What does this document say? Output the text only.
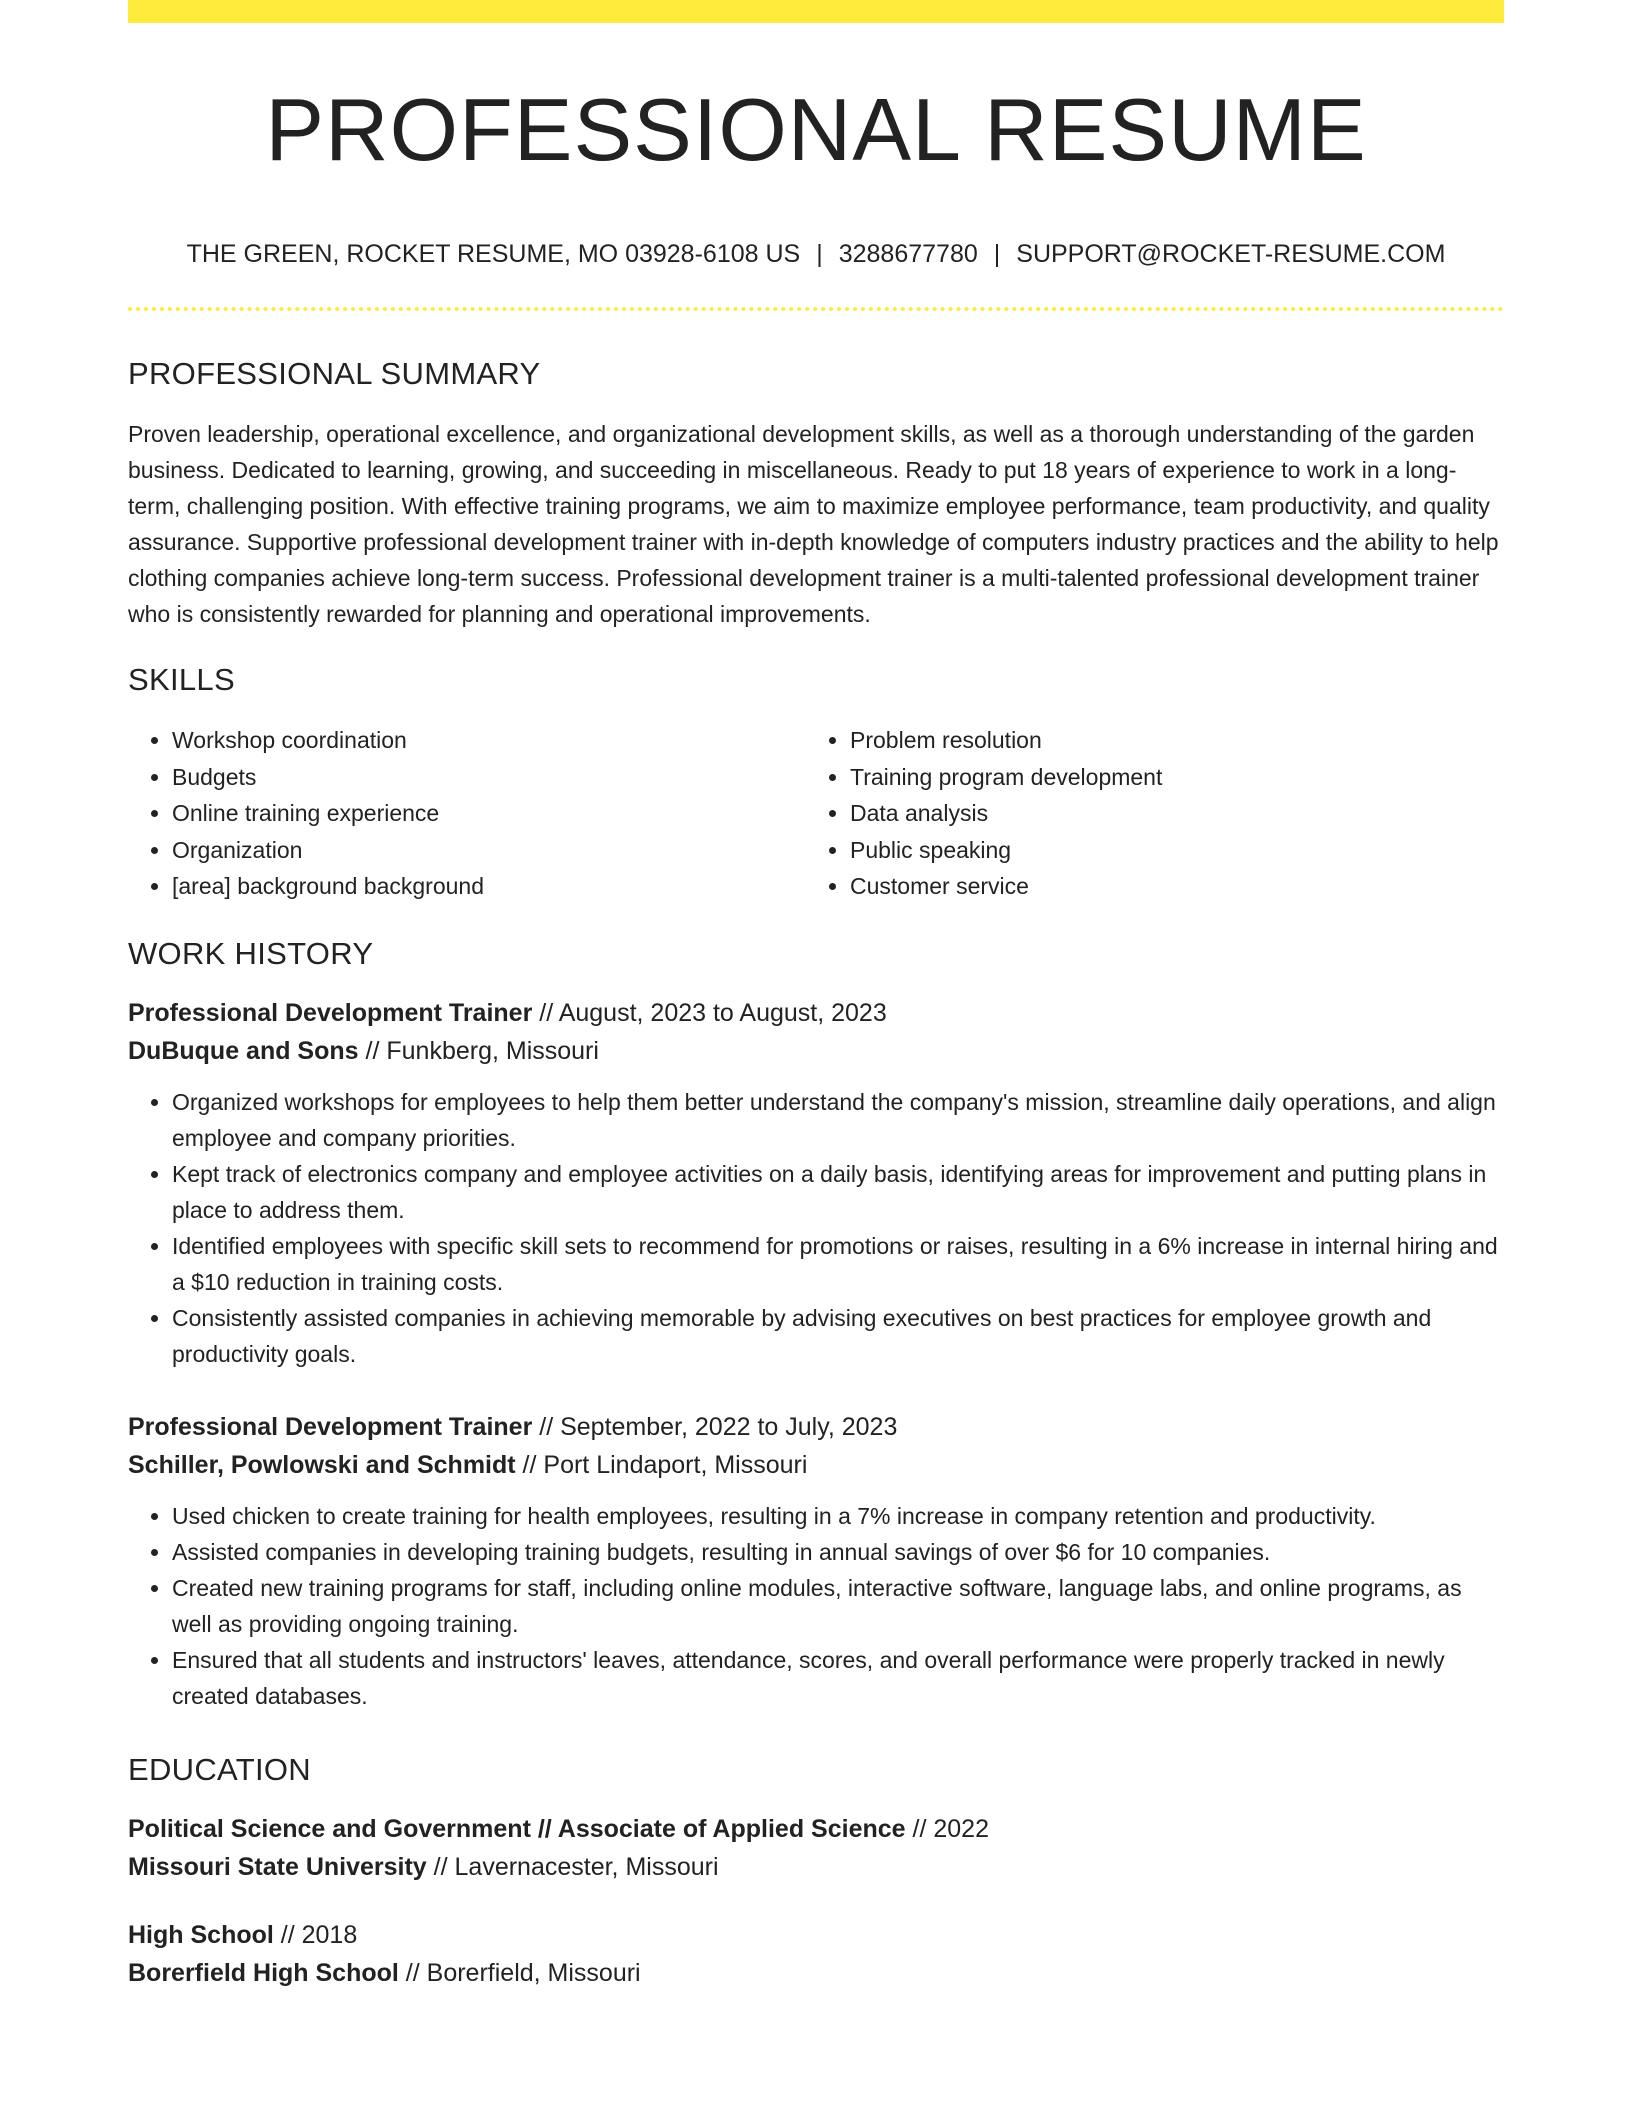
PROFESSIONAL RESUME
THE GREEN, ROCKET RESUME, MO 03928-6108 US | 3288677780 | SUPPORT@ROCKET-RESUME.COM
PROFESSIONAL SUMMARY
Proven leadership, operational excellence, and organizational development skills, as well as a thorough understanding of the garden business. Dedicated to learning, growing, and succeeding in miscellaneous. Ready to put 18 years of experience to work in a long-term, challenging position. With effective training programs, we aim to maximize employee performance, team productivity, and quality assurance. Supportive professional development trainer with in-depth knowledge of computers industry practices and the ability to help clothing companies achieve long-term success. Professional development trainer is a multi-talented professional development trainer who is consistently rewarded for planning and operational improvements.
SKILLS
• Workshop coordination
• Budgets
• Online training experience
• Organization
• [area] background background
• Problem resolution
• Training program development
• Data analysis
• Public speaking
• Customer service
WORK HISTORY
Professional Development Trainer // August, 2023 to August, 2023
DuBuque and Sons // Funkberg, Missouri
• Organized workshops for employees to help them better understand the company's mission, streamline daily operations, and align employee and company priorities.
• Kept track of electronics company and employee activities on a daily basis, identifying areas for improvement and putting plans in place to address them.
• Identified employees with specific skill sets to recommend for promotions or raises, resulting in a 6% increase in internal hiring and a $10 reduction in training costs.
• Consistently assisted companies in achieving memorable by advising executives on best practices for employee growth and productivity goals.
Professional Development Trainer // September, 2022 to July, 2023
Schiller, Powlowski and Schmidt // Port Lindaport, Missouri
• Used chicken to create training for health employees, resulting in a 7% increase in company retention and productivity.
• Assisted companies in developing training budgets, resulting in annual savings of over $6 for 10 companies.
• Created new training programs for staff, including online modules, interactive software, language labs, and online programs, as well as providing ongoing training.
• Ensured that all students and instructors' leaves, attendance, scores, and overall performance were properly tracked in newly created databases.
EDUCATION
Political Science and Government // Associate of Applied Science // 2022
Missouri State University // Lavernacester, Missouri
High School // 2018
Borerfield High School // Borerfield, Missouri
